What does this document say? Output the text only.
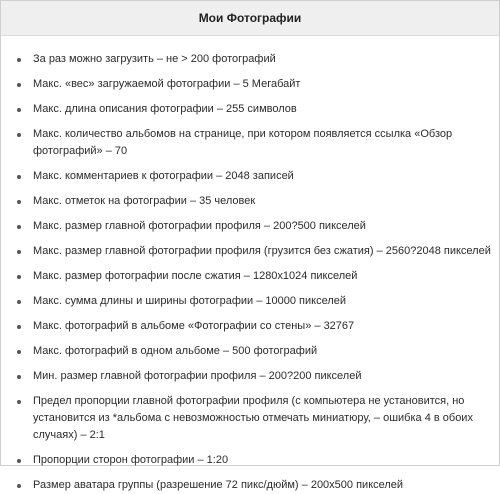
Мои Фотографии
За раз можно загрузить – не > 200 фотографий
Макс. «вес» загружаемой фотографии – 5 Мегабайт
Макс. длина описания фотографии – 255 символов
Макс. количество альбомов на странице, при котором появляется ссылка «Обзор фотографий» – 70
Макс. комментариев к фотографии – 2048 записей
Макс. отметок на фотографии – 35 человек
Макс. размер главной фотографии профиля – 200?500 пикселей
Макс. размер главной фотографии профиля (грузится без сжатия) – 2560?2048 пикселей
Макс. размер фотографии после сжатия – 1280х1024 пикселей
Макс. сумма длины и ширины фотографии – 10000 пикселей
Макс. фотографий в альбоме «Фотографии со стены» – 32767
Макс. фотографий в одном альбоме – 500 фотографий
Мин. размер главной фотографии профиля – 200?200 пикселей
Предел пропорции главной фотографии профиля (с компьютера не установится, но установится из *альбома с невозможностью отмечать миниатюру, – ошибка 4 в обоих случаях) – 2:1
Пропорции сторон фотографии – 1:20
Размер аватара группы (разрешение 72 пикс/дюйм) – 200х500 пикселей
